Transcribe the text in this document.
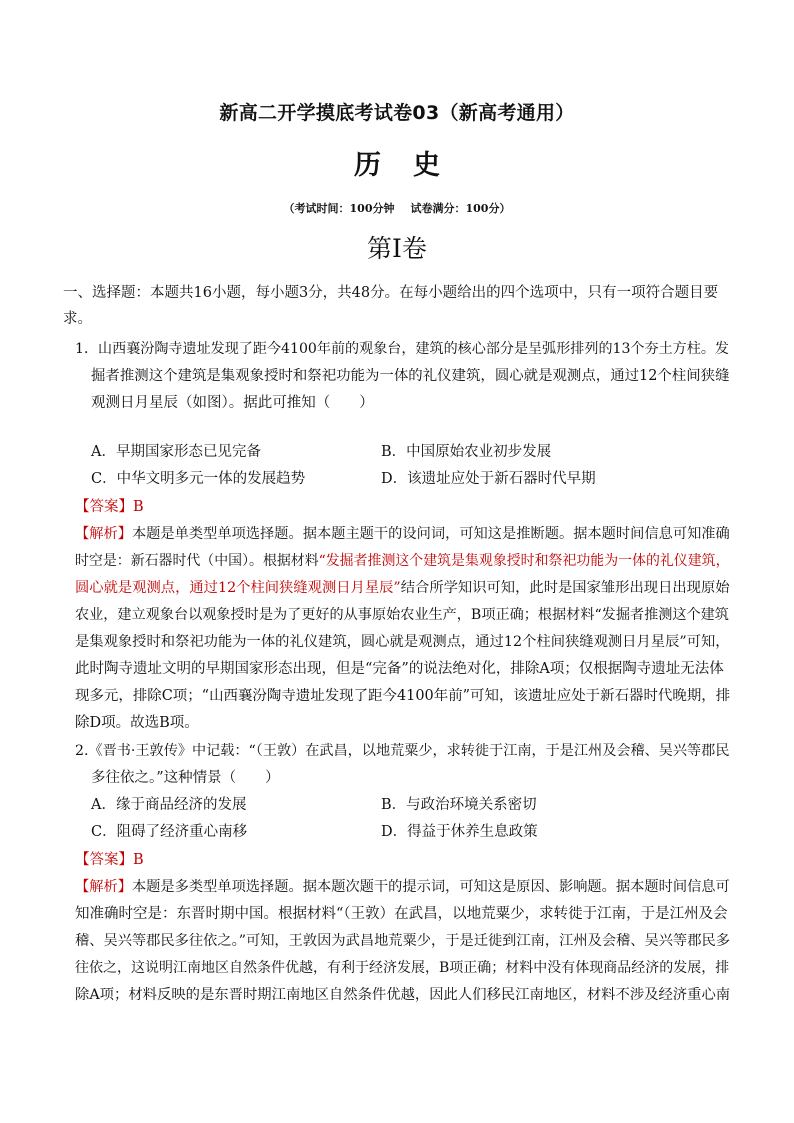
新高二开学摸底考试卷03（新高考通用）
历 史
（考试时间：100分钟 试卷满分：100分）
第Ⅰ卷
一、选择题：本题共16小题，每小题3分，共48分。在每小题给出的四个选项中，只有一项符合题目要
求。
1．山西襄汾陶寺遗址发现了距今4100年前的观象台，建筑的核心部分是呈弧形排列的13个夯土方柱。发
掘者推测这个建筑是集观象授时和祭祀功能为一体的礼仪建筑，圆心就是观测点，通过12个柱间狭缝
观测日月星辰（如图）。据此可推知（　　）
A．早期国家形态已见完备	B．中国原始农业初步发展
C．中华文明多元一体的发展趋势	D．该遗址应处于新石器时代早期
【答案】B
【解析】本题是单类型单项选择题。据本题主题干的设问词，可知这是推断题。据本题时间信息可知准确
时空是：新石器时代（中国）。根据材料“发掘者推测这个建筑是集观象授时和祭祀功能为一体的礼仪建筑，
圆心就是观测点，通过12个柱间狭缝观测日月星辰”结合所学知识可知，此时是国家雏形出现日出现原始
农业，建立观象台以观象授时是为了更好的从事原始农业生产，B项正确；根据材料“发掘者推测这个建筑
是集观象授时和祭祀功能为一体的礼仪建筑，圆心就是观测点，通过12个柱间狭缝观测日月星辰”可知，
此时陶寺遗址文明的早期国家形态出现，但是“完备”的说法绝对化，排除A项；仅根据陶寺遗址无法体
现多元，排除C项；“山西襄汾陶寺遗址发现了距今4100年前”可知，该遗址应处于新石器时代晚期，排
除D项。故选B项。
2.《晋书·王敦传》中记载：“（王敦）在武昌，以地荒粟少，求转徙于江南，于是江州及会稽、吴兴等郡民
多往依之。”这种情景（　　）
A．缘于商品经济的发展	B．与政治环境关系密切
C．阻碍了经济重心南移	D．得益于休养生息政策
【答案】B
【解析】本题是多类型单项选择题。据本题次题干的提示词，可知这是原因、影响题。据本题时间信息可
知准确时空是：东晋时期中国。根据材料“（王敦）在武昌，以地荒粟少，求转徙于江南，于是江州及会
稽、吴兴等郡民多往依之。”可知，王敦因为武昌地荒粟少，于是迁徙到江南，江州及会稽、吴兴等郡民多
往依之，这说明江南地区自然条件优越，有利于经济发展，B项正确；材料中没有体现商品经济的发展，排
除A项；材料反映的是东晋时期江南地区自然条件优越，因此人们移民江南地区，材料不涉及经济重心南
